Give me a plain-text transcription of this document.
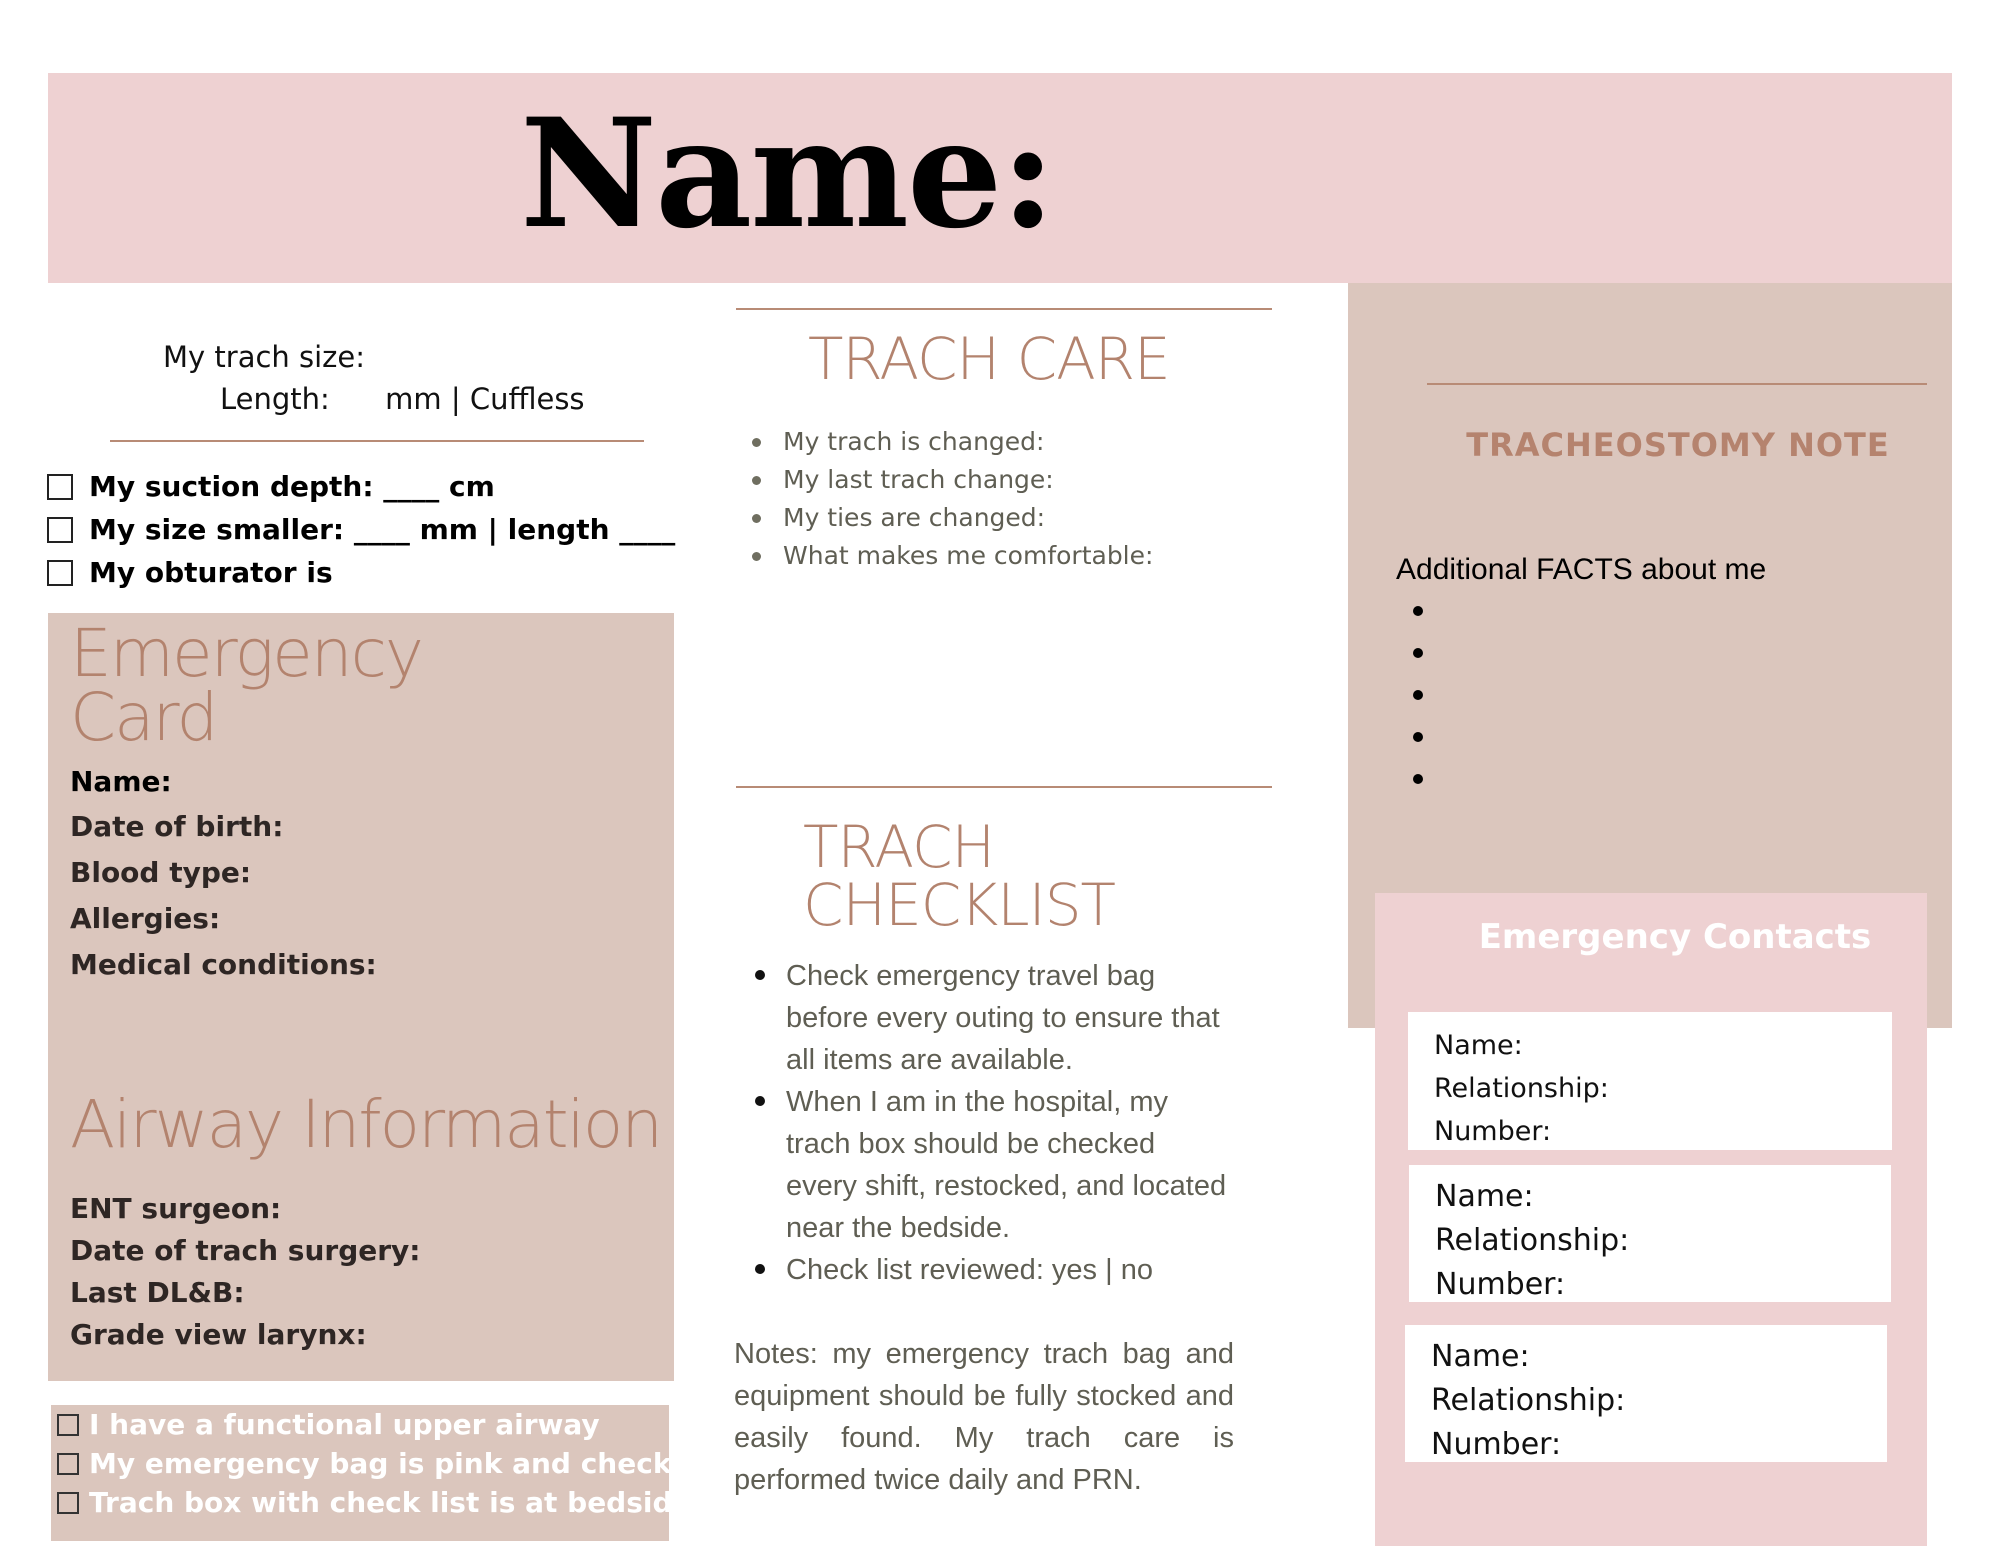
Name:
My trach size:
Length:      mm | Cuffless
My suction depth: ____ cm
My size smaller: ____ mm | length ____
My obturator is
Emergency
Card
Name:
Date of birth:
Blood type:
Allergies:
Medical conditions:
Airway Information
ENT surgeon:
Date of trach surgery:
Last DL&B:
Grade view larynx:
I have a functional upper airway
My emergency bag is pink and checked
Trach box with check list is at bedside
TRACH CARE
My trach is changed:
My last trach change:
My ties are changed:
What makes me comfortable:
TRACH
CHECKLIST
Check emergency travel bag before every outing to ensure that all items are available.
When I am in the hospital, my trach box should be checked every shift, restocked, and located near the bedside.
Check list reviewed: yes | no
Notes: my emergency trach bag and equipment should be fully stocked and easily found. My trach care is performed twice daily and PRN.
TRACHEOSTOMY NOTE
Additional FACTS about me
Emergency Contacts
Name:
Relationship:
Number:
Name:
Relationship:
Number:
Name:
Relationship:
Number:
